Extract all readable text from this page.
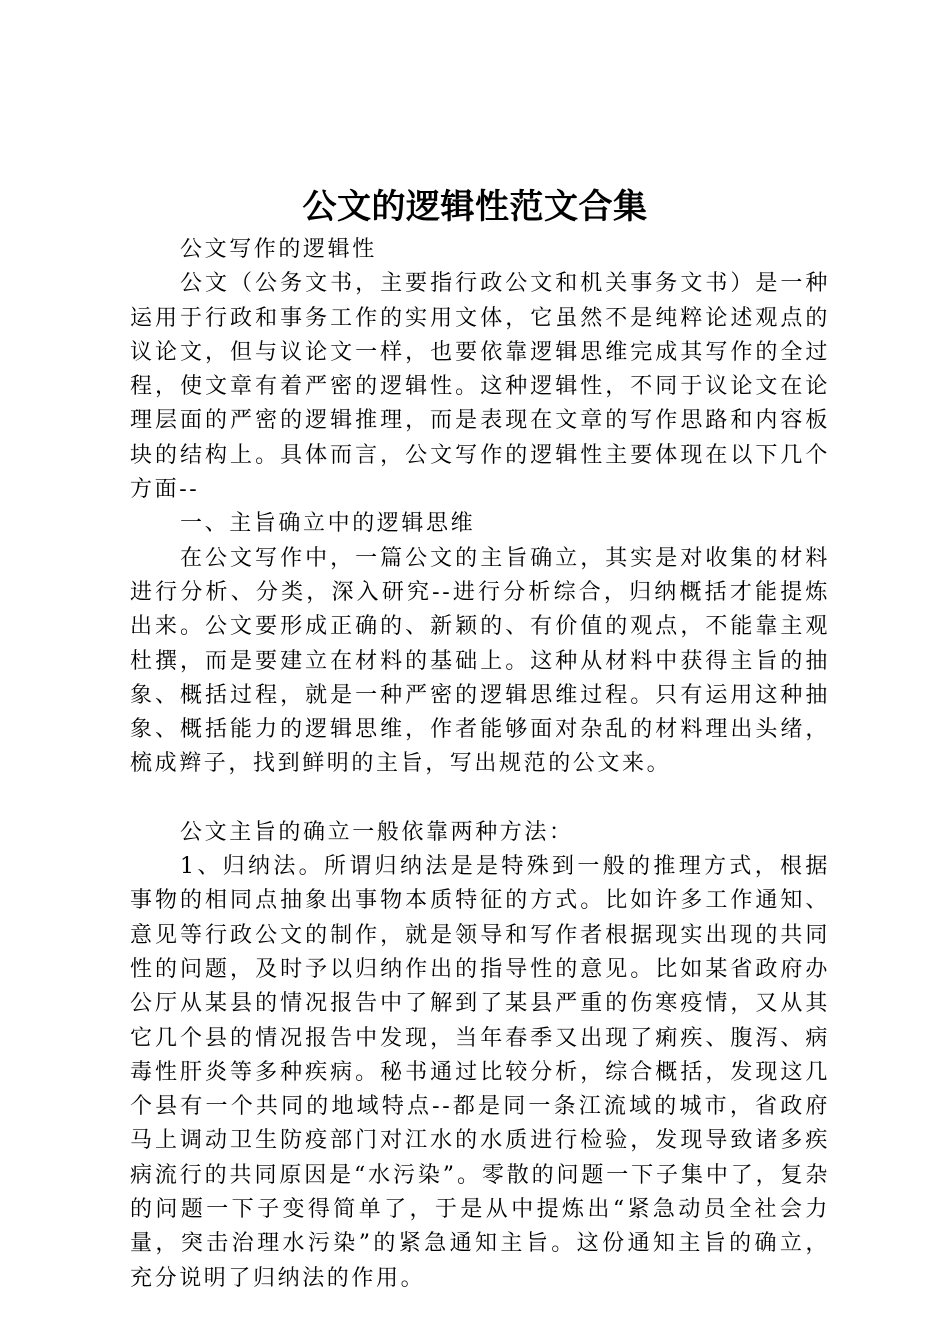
公文的逻辑性范文合集

公文写作的逻辑性

公文（公务文书，主要指行政公文和机关事务文书）是一种运用于行政和事务工作的实用文体，它虽然不是纯粹论述观点的议论文，但与议论文一样，也要依靠逻辑思维完成其写作的全过程，使文章有着严密的逻辑性。这种逻辑性，不同于议论文在论理层面的严密的逻辑推理，而是表现在文章的写作思路和内容板块的结构上。具体而言，公文写作的逻辑性主要体现在以下几个方面--

一、主旨确立中的逻辑思维

在公文写作中，一篇公文的主旨确立，其实是对收集的材料进行分析、分类，深入研究--进行分析综合，归纳概括才能提炼出来。公文要形成正确的、新颖的、有价值的观点，不能靠主观杜撰，而是要建立在材料的基础上。这种从材料中获得主旨的抽象、概括过程，就是一种严密的逻辑思维过程。只有运用这种抽象、概括能力的逻辑思维，作者能够面对杂乱的材料理出头绪，梳成辫子，找到鲜明的主旨，写出规范的公文来。

公文主旨的确立一般依靠两种方法：

1、归纳法。所谓归纳法是是特殊到一般的推理方式，根据事物的相同点抽象出事物本质特征的方式。比如许多工作通知、意见等行政公文的制作，就是领导和写作者根据现实出现的共同性的问题，及时予以归纳作出的指导性的意见。比如某省政府办公厅从某县的情况报告中了解到了某县严重的伤寒疫情，又从其它几个县的情况报告中发现，当年春季又出现了痢疾、腹泻、病毒性肝炎等多种疾病。秘书通过比较分析，综合概括，发现这几个县有一个共同的地域特点--都是同一条江流域的城市，省政府马上调动卫生防疫部门对江水的水质进行检验，发现导致诸多疾病流行的共同原因是“水污染”。零散的问题一下子集中了，复杂的问题一下子变得简单了，于是从中提炼出“紧急动员全社会力量，突击治理水污染”的紧急通知主旨。这份通知主旨的确立，充分说明了归纳法的作用。
